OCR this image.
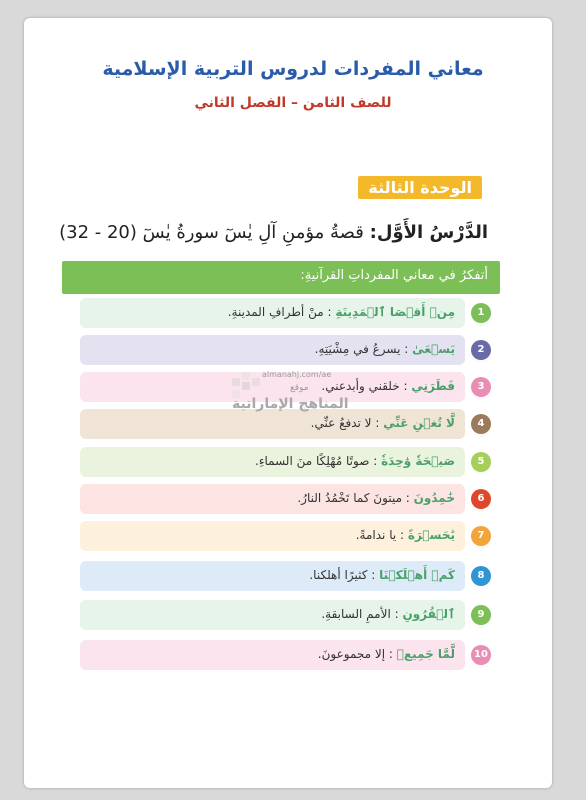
معاني المفردات لدروس التربية الإسلامية
للصف الثامن – الفصل الثاني
الوحدة الثالثة
الدَّرْسُ الأَوَّل: قصةُ مؤمنِ آلِ يٰسٓ سورةُ يٰسٓ (20 - 32)
أتفكرُ في معاني المفرداتِ القرآنيةِ:
مِنۡ أَقۡصَا ٱلۡمَدِينَةِ : منْ أطرافِ المدينةِ.	1
يَسۡعَىٰ : يسرعُ في مِشْيَتِهِ.	2
فَطَرَنِي : خلقني وأبدعني.	3
لَّا تُغۡنِ عَنِّي : لا تدفعُ عنِّي.	4
صَيۡحَةٗ وَٰحِدَةٗ : صوتًا مُهْلِكًا منَ السماءِ.	5
خَٰمِدُونَ : ميتونَ كما تَخْمُدُ النارُ.	6
يَٰحَسۡرَةً : يا ندامةً.	7
كَمۡ أَهۡلَكۡنَا : كثيرًا أهلكنا.	8
ٱلۡقُرُونِ : الأممِ السابقةِ.	9
لَّمَّا جَمِيعٞ : إلا مجموعونَ.	10
almanahj.com/ae
موقع
المناهج الإماراتية
